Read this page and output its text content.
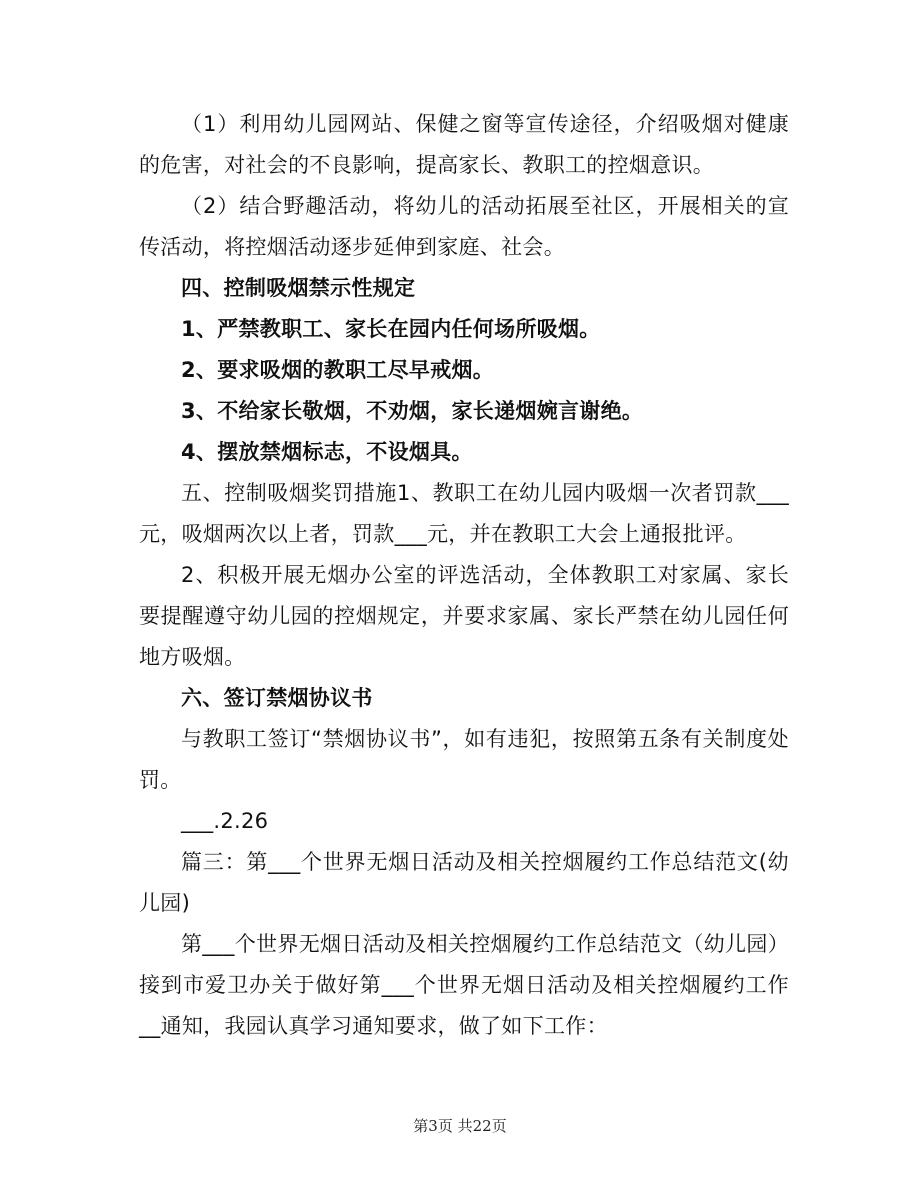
（1）利用幼儿园网站、保健之窗等宣传途径，介绍吸烟对健康的危害，对社会的不良影响，提高家长、教职工的控烟意识。

（2）结合野趣活动，将幼儿的活动拓展至社区，开展相关的宣传活动，将控烟活动逐步延伸到家庭、社会。

四、控制吸烟禁示性规定

1、严禁教职工、家长在园内任何场所吸烟。

2、要求吸烟的教职工尽早戒烟。

3、不给家长敬烟，不劝烟，家长递烟婉言谢绝。

4、摆放禁烟标志，不设烟具。

五、控制吸烟奖罚措施1、教职工在幼儿园内吸烟一次者罚款___元，吸烟两次以上者，罚款___元，并在教职工大会上通报批评。

2、积极开展无烟办公室的评选活动，全体教职工对家属、家长要提醒遵守幼儿园的控烟规定，并要求家属、家长严禁在幼儿园任何地方吸烟。

六、签订禁烟协议书

与教职工签订“禁烟协议书”，如有违犯，按照第五条有关制度处罚。

___.2.26

篇三：第___个世界无烟日活动及相关控烟履约工作总结范文(幼儿园)

第___个世界无烟日活动及相关控烟履约工作总结范文（幼儿园）接到市爱卫办关于做好第___个世界无烟日活动及相关控烟履约工作__通知，我园认真学习通知要求，做了如下工作：

第3页 共22页
